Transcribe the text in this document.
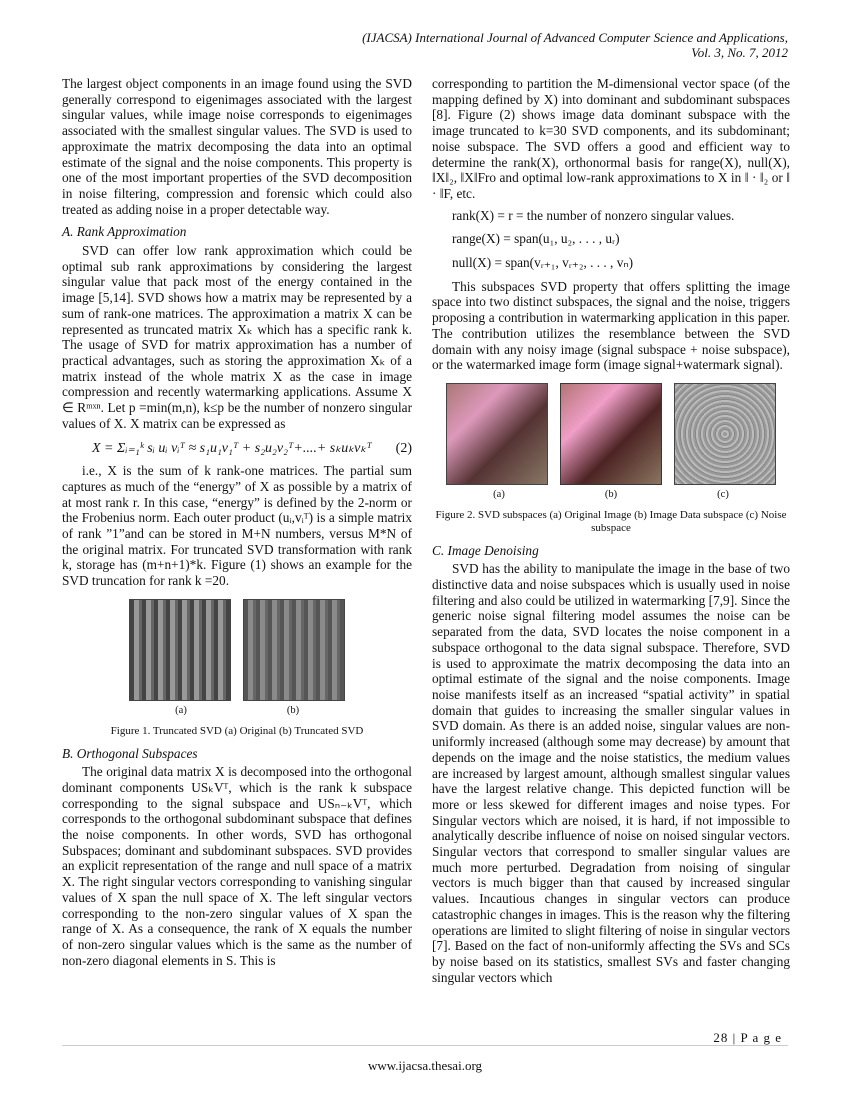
(IJACSA) International Journal of Advanced Computer Science and Applications,
Vol. 3, No. 7, 2012

The largest object components in an image found using the SVD generally correspond to eigenimages associated with the largest singular values, while image noise corresponds to eigenimages associated with the smallest singular values. The SVD is used to approximate the matrix decomposing the data into an optimal estimate of the signal and the noise components. This property is one of the most important properties of the SVD decomposition in noise filtering, compression and forensic which could also treated as adding noise in a proper detectable way.

A. Rank Approximation

SVD can offer low rank approximation which could be optimal sub rank approximations by considering the largest singular value that pack most of the energy contained in the image [5,14]. SVD shows how a matrix may be represented by a sum of rank-one matrices. The approximation a matrix X can be represented as truncated matrix Xₖ which has a specific rank k. The usage of SVD for matrix approximation has a number of practical advantages, such as storing the approximation Xₖ of a matrix instead of the whole matrix X as the case in image compression and recently watermarking applications. Assume X ∈ Rᵐˣⁿ. Let p =min(m,n), k≤p be the number of nonzero singular values of X. X matrix can be expressed as

X = Σᵢ₌₁ᵏ sᵢ uᵢ vᵢᵀ ≈ s₁u₁v₁ᵀ + s₂u₂v₂ᵀ+....+ sₖuₖvₖᵀ (2)

i.e., X is the sum of k rank-one matrices. The partial sum captures as much of the “energy” of X as possible by a matrix of at most rank r. In this case, “energy” is defined by the 2-norm or the Frobenius norm. Each outer product (uᵢ,vᵢᵀ) is a simple matrix of rank ”1”and can be stored in M+N numbers, versus M*N of the original matrix. For truncated SVD transformation with rank k, storage has (m+n+1)*k. Figure (1) shows an example for the SVD truncation for rank k =20.

(a)	(b)
Figure 1. Truncated SVD (a) Original (b) Truncated SVD
B. Orthogonal Subspaces

The original data matrix X is decomposed into the orthogonal dominant components USₖVᵀ, which is the rank k subspace corresponding to the signal subspace and USₙ₋ₖVᵀ, which corresponds to the orthogonal subdominant subspace that defines the noise components. In other words, SVD has orthogonal Subspaces; dominant and subdominant subspaces. SVD provides an explicit representation of the range and null space of a matrix X. The right singular vectors corresponding to vanishing singular values of X span the null space of X. The left singular vectors corresponding to the non-zero singular values of X span the range of X. As a consequence, the rank of X equals the number of non-zero singular values which is the same as the number of non-zero diagonal elements in S. This is

corresponding to partition the M-dimensional vector space (of the mapping defined by X) into dominant and subdominant subspaces [8]. Figure (2) shows image data dominant subspace with the image truncated to k=30 SVD components, and its subdominant; noise subspace. The SVD offers a good and efficient way to determine the rank(X), orthonormal basis for range(X), null(X), ‖X‖₂, ‖X‖Fro and optimal low-rank approximations to X in ‖ · ‖₂ or ‖ · ‖F, etc.

rank(X) = r = the number of nonzero singular values.
range(X) = span(u₁, u₂, . . . , uᵣ)
null(X) = span(vᵣ₊₁, vᵣ₊₂, . . . , vₙ)

This subspaces SVD property that offers splitting the image space into two distinct subspaces, the signal and the noise, triggers proposing a contribution in watermarking application in this paper. The contribution utilizes the resemblance between the SVD domain with any noisy image (signal subspace + noise subspace), or the watermarked image form (image signal+watermark signal).

(a)	(b)	(c)
Figure 2. SVD subspaces (a) Original Image (b) Image Data subspace (c) Noise subspace
C. Image Denoising

SVD has the ability to manipulate the image in the base of two distinctive data and noise subspaces which is usually used in noise filtering and also could be utilized in watermarking [7,9]. Since the generic noise signal filtering model assumes the noise can be separated from the data, SVD locates the noise component in a subspace orthogonal to the data signal subspace. Therefore, SVD is used to approximate the matrix decomposing the data into an optimal estimate of the signal and the noise components. Image noise manifests itself as an increased “spatial activity” in spatial domain that guides to increasing the smaller singular values in SVD domain. As there is an added noise, singular values are non-uniformly increased (although some may decrease) by amount that depends on the image and the noise statistics, the medium values are increased by largest amount, although smallest singular values have the largest relative change. This depicted function will be more or less skewed for different images and noise types. For Singular vectors which are noised, it is hard, if not impossible to analytically describe influence of noise on noised singular vectors. Singular vectors that correspond to smaller singular values are much more perturbed. Degradation from noising of singular vectors is much bigger than that caused by increased singular values. Incautious changes in singular vectors can produce catastrophic changes in images. This is the reason why the filtering operations are limited to slight filtering of noise in singular vectors [7]. Based on the fact of non-uniformly affecting the SVs and SCs by noise based on its statistics, smallest SVs and faster changing singular vectors which

28 | P a g e
www.ijacsa.thesai.org
